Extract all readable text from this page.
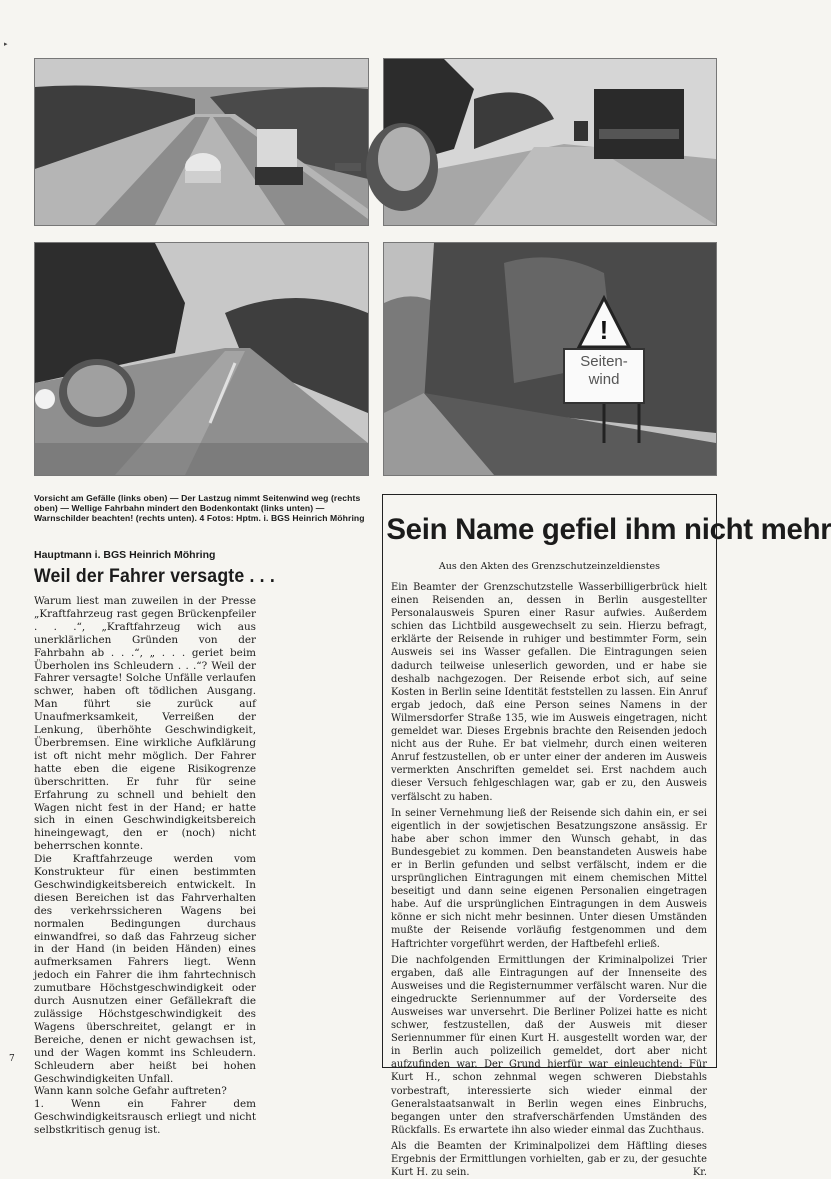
▸
!
Seiten-
wind
Vorsicht am Gefälle (links oben) — Der Lastzug nimmt Seitenwind weg (rechts oben) — Wellige Fahrbahn mindert den Bodenkontakt (links unten) — Warnschilder beachten! (rechts unten). 4 Fotos: Hptm. i. BGS Heinrich Möhring
Hauptmann i. BGS Heinrich Möhring
Weil der Fahrer versagte . . .

Warum liest man zuweilen in der Presse „Kraftfahrzeug rast gegen Brückenpfeiler . . .“, „Kraftfahrzeug wich aus unerklärlichen Gründen von der Fahrbahn ab . . .“, „ . . . geriet beim Überholen ins Schleudern . . .“? Weil der Fahrer versagte! Solche Unfälle verlaufen schwer, haben oft tödlichen Ausgang. Man führt sie zurück auf Unaufmerksamkeit, Verreißen der Lenkung, überhöhte Geschwindigkeit, Überbremsen. Eine wirkliche Aufklärung ist oft nicht mehr möglich. Der Fahrer hatte eben die eigene Risikogrenze überschritten. Er fuhr für seine Erfahrung zu schnell und behielt den Wagen nicht fest in der Hand; er hatte sich in einen Geschwindigkeitsbereich hineingewagt, den er (noch) nicht beherrschen konnte.

Die Kraftfahrzeuge werden vom Konstrukteur für einen bestimmten Geschwindigkeitsbereich entwickelt. In diesen Bereichen ist das Fahrverhalten des verkehrssicheren Wagens bei normalen Bedingungen durchaus einwandfrei, so daß das Fahrzeug sicher in der Hand (in beiden Händen) eines aufmerksamen Fahrers liegt. Wenn jedoch ein Fahrer die ihm fahrtechnisch zumutbare Höchstgeschwindigkeit oder durch Ausnutzen einer Gefällekraft die zulässige Höchstgeschwindigkeit des Wagens überschreitet, gelangt er in Bereiche, denen er nicht gewachsen ist, und der Wagen kommt ins Schleudern. Schleudern aber heißt bei hohen Geschwindigkeiten Unfall.

Wann kann solche Gefahr auftreten?

1. Wenn ein Fahrer dem Geschwindigkeitsrausch erliegt und nicht selbstkritisch genug ist.

7
Sein Name gefiel ihm nicht mehr
Aus den Akten des Grenzschutzeinzeldienstes

Ein Beamter der Grenzschutzstelle Wasserbilligerbrück hielt einen Reisenden an, dessen in Berlin ausgestellter Personalausweis Spuren einer Rasur aufwies. Außerdem schien das Lichtbild ausgewechselt zu sein. Hierzu befragt, erklärte der Reisende in ruhiger und bestimmter Form, sein Ausweis sei ins Wasser gefallen. Die Eintragungen seien dadurch teilweise unleserlich geworden, und er habe sie deshalb nachgezogen. Der Reisende erbot sich, auf seine Kosten in Berlin seine Identität feststellen zu lassen. Ein Anruf ergab jedoch, daß eine Person seines Namens in der Wilmersdorfer Straße 135, wie im Ausweis eingetragen, nicht gemeldet war. Dieses Ergebnis brachte den Reisenden jedoch nicht aus der Ruhe. Er bat vielmehr, durch einen weiteren Anruf festzustellen, ob er unter einer der anderen im Ausweis vermerkten Anschriften gemeldet sei. Erst nachdem auch dieser Versuch fehlgeschlagen war, gab er zu, den Ausweis verfälscht zu haben.

In seiner Vernehmung ließ der Reisende sich dahin ein, er sei eigentlich in der sowjetischen Besatzungszone ansässig. Er habe aber schon immer den Wunsch gehabt, in das Bundesgebiet zu kommen. Den beanstandeten Ausweis habe er in Berlin gefunden und selbst verfälscht, indem er die ursprünglichen Eintragungen mit einem chemischen Mittel beseitigt und dann seine eigenen Personalien eingetragen habe. Auf die ursprünglichen Eintragungen in dem Ausweis könne er sich nicht mehr besinnen. Unter diesen Umständen mußte der Reisende vorläufig festgenommen und dem Haftrichter vorgeführt werden, der Haftbefehl erließ.

Die nachfolgenden Ermittlungen der Kriminalpolizei Trier ergaben, daß alle Eintragungen auf der Innenseite des Ausweises und die Registernummer verfälscht waren. Nur die eingedruckte Seriennummer auf der Vorderseite des Ausweises war unversehrt. Die Berliner Polizei hatte es nicht schwer, festzustellen, daß der Ausweis mit dieser Seriennummer für einen Kurt H. ausgestellt worden war, der in Berlin auch polizeilich gemeldet, dort aber nicht aufzufinden war. Der Grund hierfür war einleuchtend: Für Kurt H., schon zehnmal wegen schweren Diebstahls vorbestraft, interessierte sich wieder einmal der Generalstaatsanwalt in Berlin wegen eines Einbruchs, begangen unter den strafverschärfenden Umständen des Rückfalls. Es erwartete ihn also wieder einmal das Zuchthaus.

Als die Beamten der Kriminalpolizei dem Häftling dieses Ergebnis der Ermittlungen vorhielten, gab er zu, der gesuchte Kurt H. zu sein.	Kr.
